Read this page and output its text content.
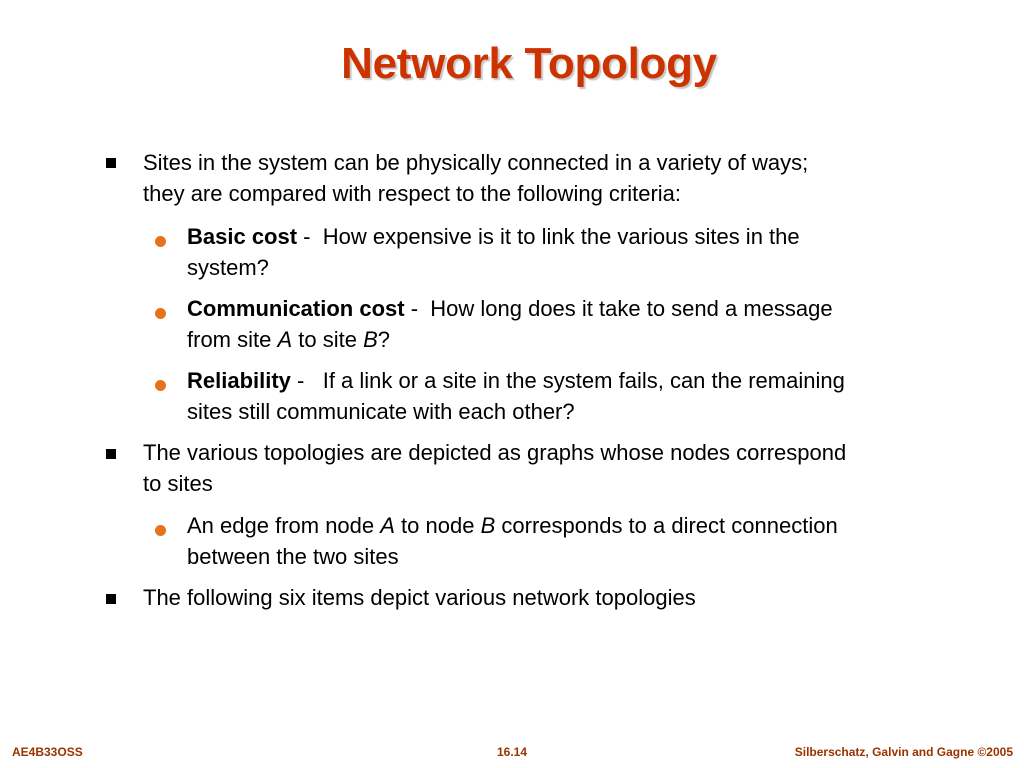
Network Topology
Sites in the system can be physically connected in a variety of ways;
they are compared with respect to the following criteria:
Basic cost -  How expensive is it to link the various sites in the
system?
Communication cost -  How long does it take to send a message
from site A to site B?
Reliability -   If a link or a site in the system fails, can the remaining
sites still communicate with each other?
The various topologies are depicted as graphs whose nodes correspond
to sites
An edge from node A to node B corresponds to a direct connection
between the two sites
The following six items depict various network topologies
AE4B33OSS	16.14	Silberschatz, Galvin and Gagne ©2005
